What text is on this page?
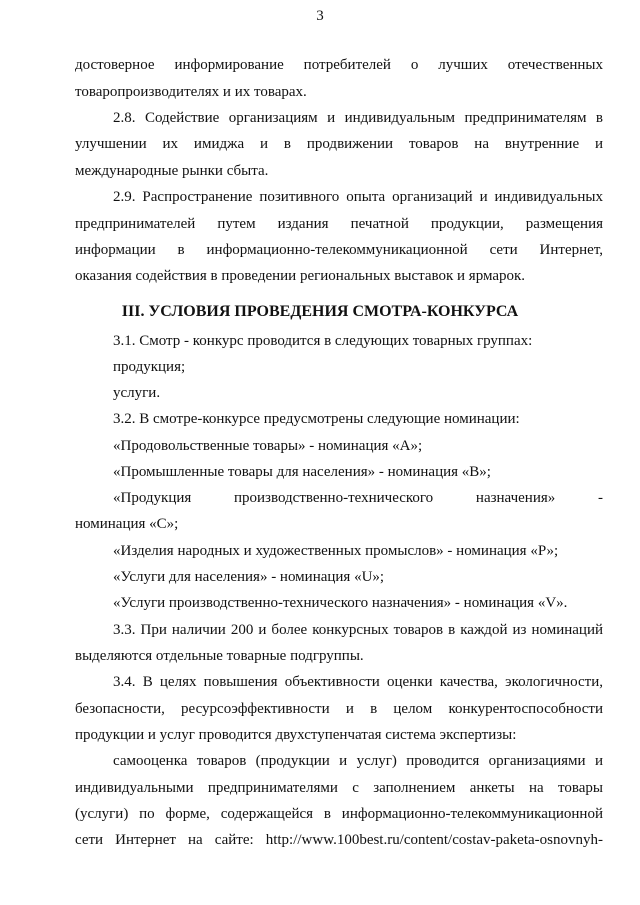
3
достоверное информирование потребителей о лучших отечественных
товаропроизводителях и их товарах.
2.8. Содействие организациям и индивидуальным предпринимателям в
улучшении их имиджа и в продвижении товаров на внутренние и
международные рынки сбыта.
2.9. Распространение позитивного опыта организаций и индивидуальных
предпринимателей путем издания печатной продукции, размещения
информации в информационно-телекоммуникационной сети Интернет,
оказания содействия в проведении региональных выставок и ярмарок.
III. УСЛОВИЯ ПРОВЕДЕНИЯ СМОТРА-КОНКУРСА
3.1. Смотр - конкурс проводится в следующих товарных группах:
продукция;
услуги.
3.2. В смотре-конкурсе предусмотрены следующие номинации:
«Продовольственные товары» - номинация «А»;
«Промышленные товары для населения» - номинация «В»;
«Продукция производственно-технического назначения» -
номинация «С»;
«Изделия народных и художественных промыслов» - номинация «Р»;
«Услуги для населения» - номинация «U»;
«Услуги производственно-технического назначения» - номинация «V».
3.3. При наличии 200 и более конкурсных товаров в каждой из номинаций
выделяются отдельные товарные подгруппы.
3.4. В целях повышения объективности оценки качества, экологичности,
безопасности, ресурсоэффективности и в целом конкурентоспособности
продукции и услуг проводится двухступенчатая система экспертизы:
самооценка товаров (продукции и услуг) проводится организациями и
индивидуальными предпринимателями с заполнением анкеты на товары
(услуги) по форме, содержащейся в информационно-телекоммуникационной
сети Интернет на сайте: http://www.100best.ru/content/costav-paketa-osnovnyh-
